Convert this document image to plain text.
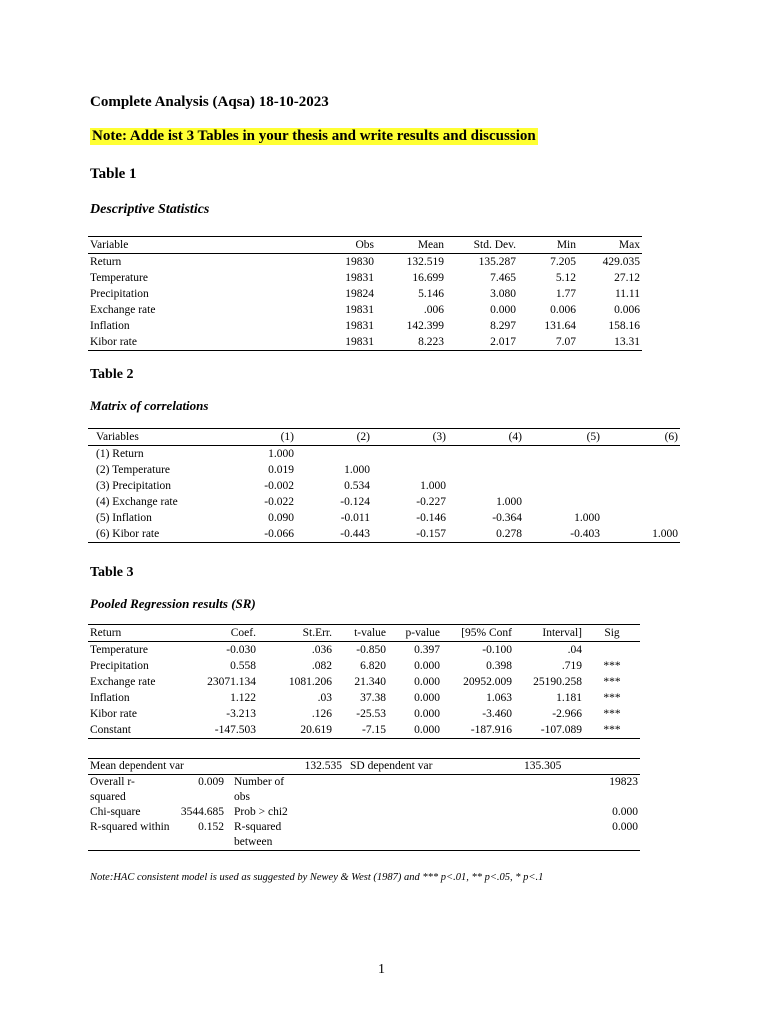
Complete Analysis (Aqsa) 18-10-2023
Note: Adde ist 3 Tables in your thesis and write results and discussion
Table 1
Descriptive Statistics
Variable	Obs	Mean	Std. Dev.	Min	Max
Return	19830	132.519	135.287	7.205	429.035
Temperature	19831	16.699	7.465	5.12	27.12
Precipitation	19824	5.146	3.080	1.77	11.11
Exchange rate	19831	.006	0.000	0.006	0.006
Inflation	19831	142.399	8.297	131.64	158.16
Kibor rate	19831	8.223	2.017	7.07	13.31
Table 2
Matrix of correlations
Variables	(1)	(2)	(3)	(4)	(5)	(6)
(1) Return	1.000					
(2) Temperature	0.019	1.000				
(3) Precipitation	-0.002	0.534	1.000			
(4) Exchange rate	-0.022	-0.124	-0.227	1.000		
(5) Inflation	0.090	-0.011	-0.146	-0.364	1.000	
(6) Kibor rate	-0.066	-0.443	-0.157	0.278	-0.403	1.000
Table 3
Pooled Regression results (SR)
Return	Coef.	St.Err.	t-value	p-value	[95% Conf	Interval]	Sig
Temperature	-0.030	.036	-0.850	0.397	-0.100	.04	
Precipitation	0.558	.082	6.820	0.000	0.398	.719	***
Exchange rate	23071.134	1081.206	21.340	0.000	20952.009	25190.258	***
Inflation	1.122	.03	37.38	0.000	1.063	1.181	***
Kibor rate	-3.213	.126	-25.53	0.000	-3.460	-2.966	***
Constant	-147.503	20.619	-7.15	0.000	-187.916	-107.089	***
Mean dependent var			132.535	SD dependent var	135.305
Overall r-squared	0.009	Number of obs			19823
Chi-square	3544.685	Prob > chi2			0.000
R-squared within	0.152	R-squared between			0.000
Note:HAC consistent model is used as suggested by Newey & West (1987) and *** p<.01, ** p<.05, * p<.1
1
